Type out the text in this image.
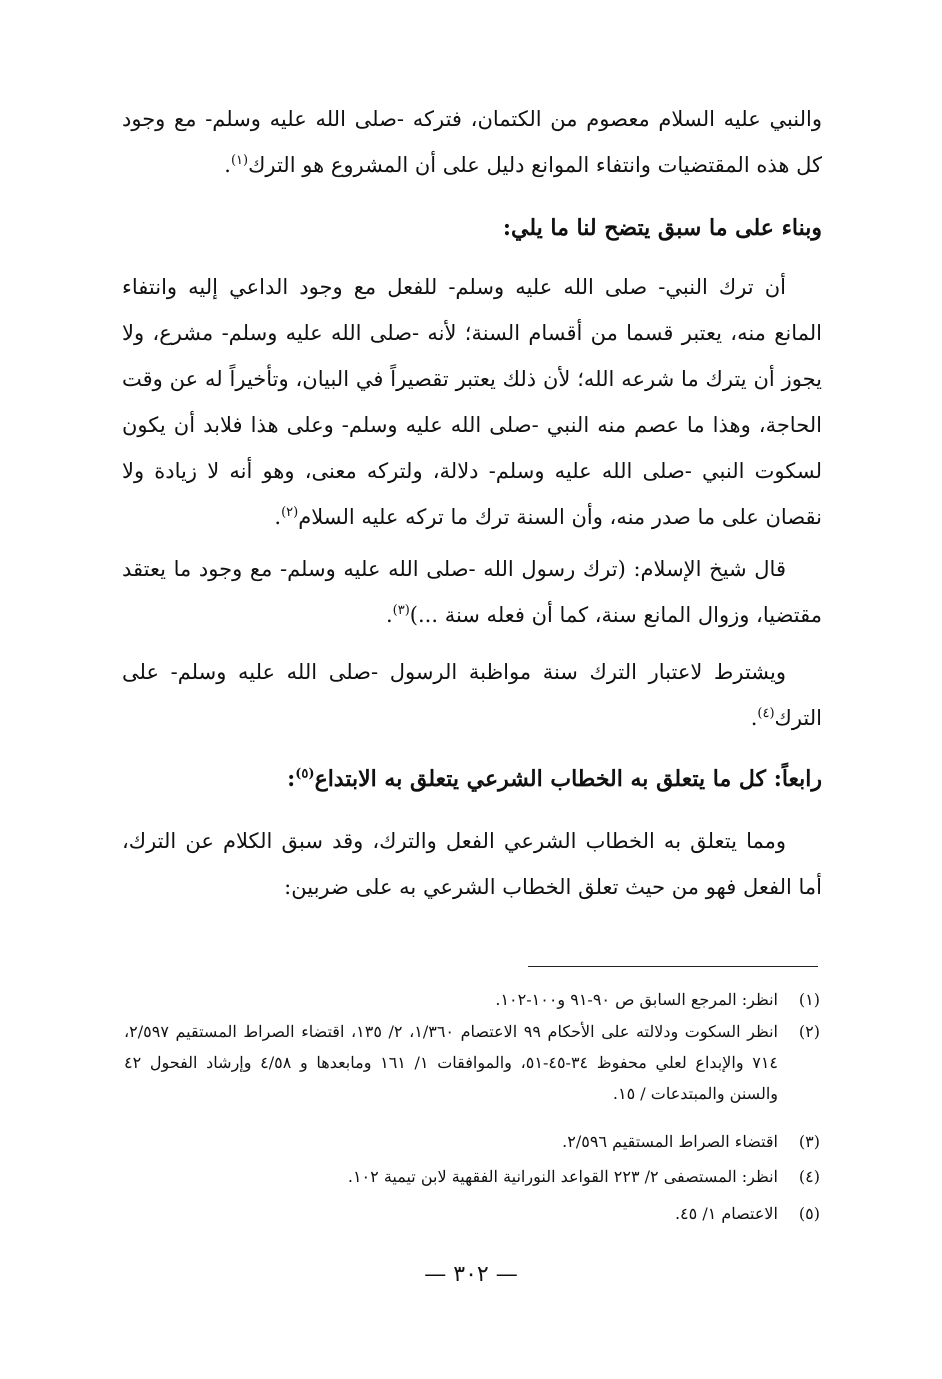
والنبي عليه السلام معصوم من الكتمان، فتركه ‑صلى الله عليه وسلم‑ مع وجود كل هذه المقتضيات وانتفاء الموانع دليل على أن المشروع هو الترك$^{(١)}$.

وبناء على ما سبق يتضح لنا ما يلي:

أن ترك النبي‑ صلى الله عليه وسلم‑ للفعل مع وجود الداعي إليه وانتفاء المانع منه، يعتبر قسما من أقسام السنة؛ لأنه ‑صلى الله عليه وسلم‑ مشرع، ولا يجوز أن يترك ما شرعه الله؛ لأن ذلك يعتبر تقصيراً في البيان، وتأخيراً له عن وقت الحاجة، وهذا ما عصم منه النبي ‑صلى الله عليه وسلم‑ وعلى هذا فلابد أن يكون لسكوت النبي ‑صلى الله عليه وسلم‑ دلالة، ولتركه معنى، وهو أنه لا زيادة ولا نقصان على ما صدر منه، وأن السنة ترك ما تركه عليه السلام$^{(٢)}$.

قال شيخ الإسلام: (ترك رسول الله ‑صلى الله عليه وسلم‑ مع وجود ما يعتقد مقتضيا، وزوال المانع سنة، كما أن فعله سنة ...)$^{(٣)}$.

ويشترط لاعتبار الترك سنة مواظبة الرسول ‑صلى الله عليه وسلم‑ على الترك$^{(٤)}$.

رابعاً: كل ما يتعلق به الخطاب الشرعي يتعلق به الابتداع$^{(٥)}$:

ومما يتعلق به الخطاب الشرعي الفعل والترك، وقد سبق الكلام عن الترك، أما الفعل فهو من حيث تعلق الخطاب الشرعي به على ضربين:

(١)
انظر: المرجع السابق ص ٩٠‑٩١ و١٠٠‑١٠٢.
(٢)
انظر السكوت ودلالته على الأحكام ٩٩ الاعتصام ١/٣٦٠، ٢/ ١٣٥، اقتضاء الصراط المستقيم ٢/٥٩٧، ٧١٤ والإبداع لعلي محفوظ ٣٤‑٤٥‑٥١، والموافقات ١/ ١٦١ ومابعدها و ٤/٥٨ وإرشاد الفحول ٤٢ والسنن والمبتدعات / ١٥.
(٣)
اقتضاء الصراط المستقيم ٢/٥٩٦.
(٤)
انظر: المستصفى ٢/ ٢٢٣ القواعد النورانية الفقهية لابن تيمية ١٠٢.
(٥)
الاعتصام ١/ ٤٥.
— ٣٠٢ —
